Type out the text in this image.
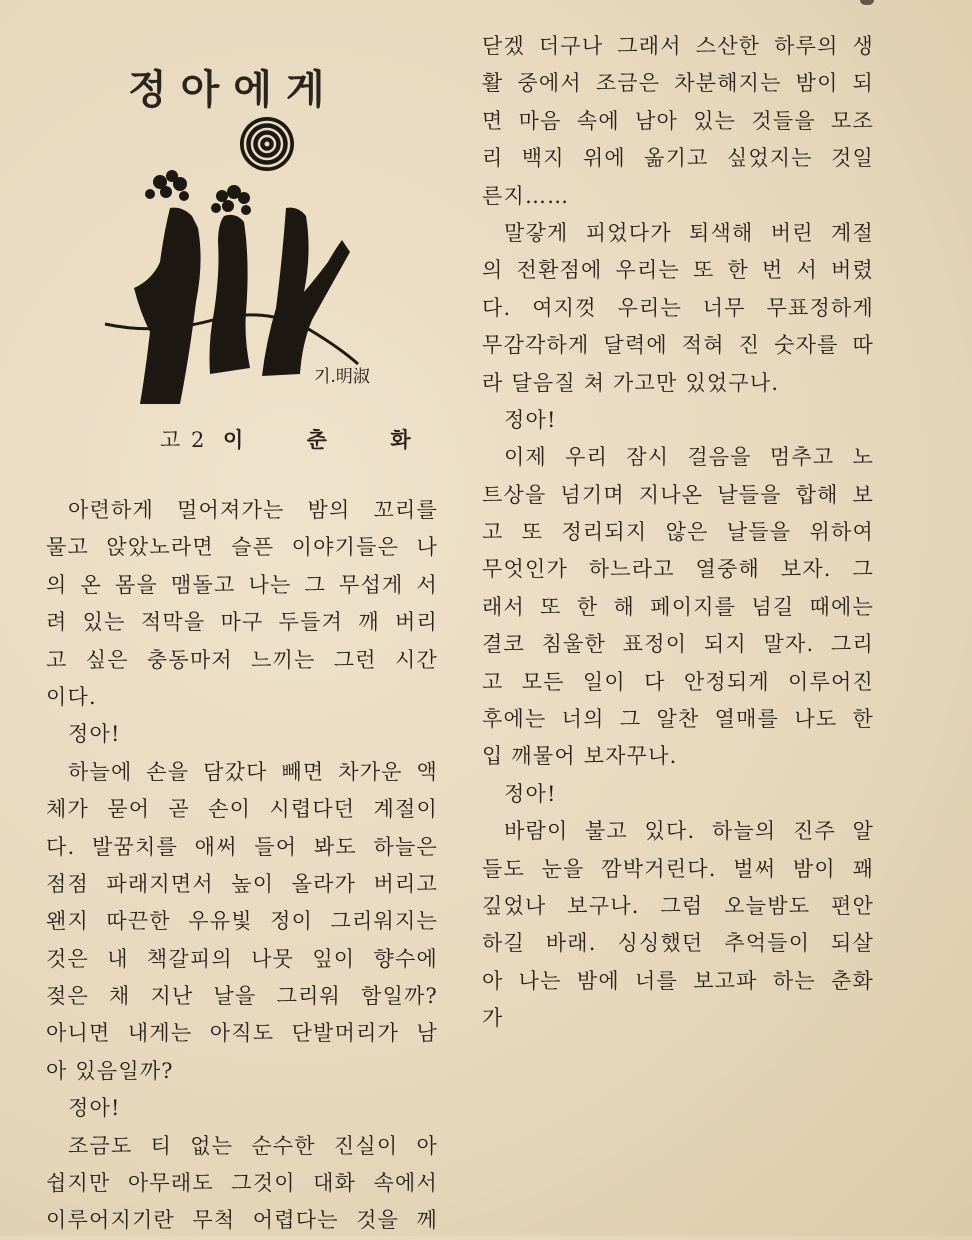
정아에게
기.明淑
고 2 이 춘 화
아련하게 멀어져가는 밤의 꼬리를
물고 앉았노라면 슬픈 이야기들은 나
의 온 몸을 맴돌고 나는 그 무섭게 서
려 있는 적막을 마구 두들겨 깨 버리
고 싶은 충동마저 느끼는 그런 시간
이다.
정아!
하늘에 손을 담갔다 빼면 차가운 액
체가 묻어 곧 손이 시렵다던 계절이
다. 발꿈치를 애써 들어 봐도 하늘은
점점 파래지면서 높이 올라가 버리고
왠지 따끈한 우유빛 정이 그리워지는
것은 내 책갈피의 나뭇 잎이 향수에
젖은 채 지난 날을 그리워 함일까?
아니면 내게는 아직도 단발머리가 남
아 있음일까?
정아!
조금도 티 없는 순수한 진실이 아
쉽지만 아무래도 그것이 대화 속에서
이루어지기란 무척 어렵다는 것을 께
닫겠 더구나 그래서 스산한 하루의 생
활 중에서 조금은 차분해지는 밤이 되
면 마음 속에 남아 있는 것들을 모조
리 백지 위에 옮기고 싶었지는 것일
른지……
말갛게 피었다가 퇴색해 버린 계절
의 전환점에 우리는 또 한 번 서 버렸
다. 여지껏 우리는 너무 무표정하게
무감각하게 달력에 적혀 진 숫자를 따
라 달음질 쳐 가고만 있었구나.
정아!
이제 우리 잠시 걸음을 멈추고 노
트상을 넘기며 지나온 날들을 합해 보
고 또 정리되지 않은 날들을 위하여
무엇인가 하느라고 열중해 보자. 그
래서 또 한 해 페이지를 넘길 때에는
결코 침울한 표정이 되지 말자. 그리
고 모든 일이 다 안정되게 이루어진
후에는 너의 그 알찬 열매를 나도 한
입 깨물어 보자꾸나.
정아!
바람이 불고 있다. 하늘의 진주 알
들도 눈을 깜박거린다. 벌써 밤이 꽤
깊었나 보구나. 그럼 오늘밤도 편안
하길 바래. 싱싱했던 추억들이 되살
아 나는 밤에 너를 보고파 하는 춘화
가
